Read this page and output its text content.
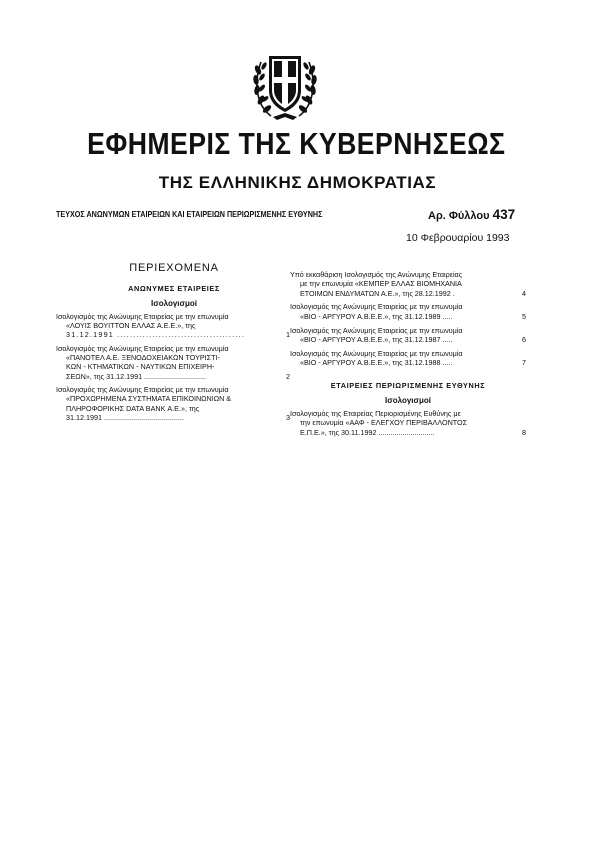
ΕΦΗΜΕΡΙΣ ΤΗΣ ΚΥΒΕΡΝΗΣΕΩΣ
ΤΗΣ ΕΛΛΗΝΙΚΗΣ ΔΗΜΟΚΡΑΤΙΑΣ
ΤΕΥΧΟΣ ΑΝΩΝΥΜΩΝ ΕΤΑΙΡΕΙΩΝ ΚΑΙ ΕΤΑΙΡΕΙΩΝ ΠΕΡΙΩΡΙΣΜΕΝΗΣ ΕΥΘΥΝΗΣ	Αρ. Φύλλου 437
10 Φεβρουαρίου 1993
ΠΕΡΙΕΧΟΜΕΝΑ
ΑΝΩΝΥΜΕΣ ΕΤΑΙΡΕΙΕΣ
Ισολογισμοί
Ισολογισμός της Ανώνυμης Εταιρείας με την επωνυμία
«ΛΟΥΙΣ ΒΟΥΙΤΤΟΝ ΕΛΛΑΣ Α.Ε.Ε.», της
31.12.1991 ........................................	1
Ισολογισμός της Ανώνυμης Εταιρείας με την επωνυμία
«ΠΑΝΟΤΕΛ Α.Ε. ΞΕΝΟΔΟΧΕΙΑΚΩΝ ΤΟΥΡΙΣΤΙ-
ΚΩΝ - ΚΤΗΜΑΤΙΚΩΝ - ΝΑΥΤΙΚΩΝ ΕΠΙΧΕΙΡΗ-
ΣΕΩΝ», της 31.12.1991 ...............................	2
Ισολογισμός της Ανώνυμης Εταιρείας με την επωνυμία
«ΠΡΟΧΩΡΗΜΕΝΑ ΣΥΣΤΗΜΑΤΑ ΕΠΙΚΟΙΝΩΝΙΩΝ &
ΠΛΗΡΟΦΟΡΙΚΗΣ DATA BANK Α.Ε.», της
31.12.1991 ........................................	3
Υπό εκκαθάριση Ισολογισμός της Ανώνυμης Εταιρείας
με την επωνυμία «ΚΕΜΠΕΡ ΕΛΛΑΣ ΒΙΟΜΗΧΑΝΙΑ
ΕΤΟΙΜΩΝ ΕΝΔΥΜΑΤΩΝ Α.Ε.», της 28.12.1992 .	4
Ισολογισμός της Ανώνυμης Εταιρείας με την επωνυμία
«ΒΙΟ - ΑΡΓΥΡΟΥ Α.Β.Ε.Ε.», της 31.12.1989 .....	5
Ισολογισμός της Ανώνυμης Εταιρείας με την επωνυμία
«ΒΙΟ - ΑΡΓΥΡΟΥ Α.Β.Ε.Ε.», της 31.12.1987 .....	6
Ισολογισμός της Ανώνυμης Εταιρείας με την επωνυμία
«ΒΙΟ - ΑΡΓΥΡΟΥ Α.Β.Ε.Ε.», της 31.12.1988 .....	7
ΕΤΑΙΡΕΙΕΣ ΠΕΡΙΩΡΙΣΜΕΝΗΣ ΕΥΘΥΝΗΣ
Ισολογισμοί
Ισολογισμός της Εταιρείας Περιορισμένης Ευθύνης με
την επωνυμία «ΑΑΦ - ΕΛΕΓΧΟΥ ΠΕΡΙΒΑΛΛΟΝΤΟΣ
Ε.Π.Ε.», της 30.11.1992 ............................	8
